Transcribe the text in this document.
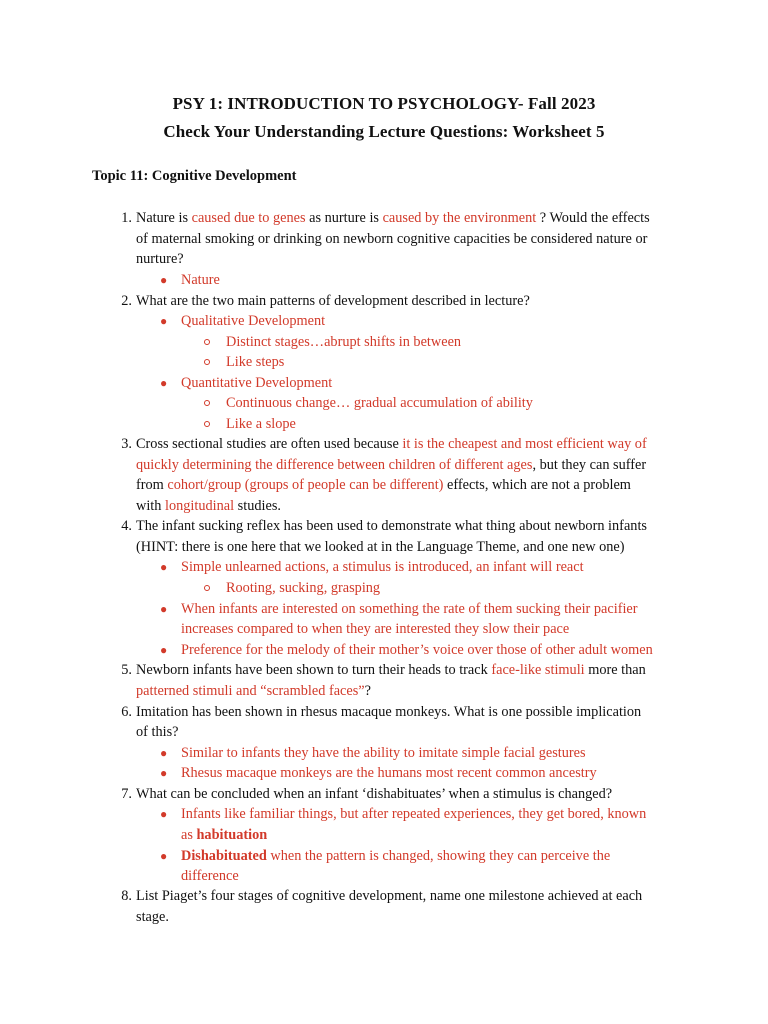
PSY 1: INTRODUCTION TO PSYCHOLOGY- Fall 2023
Check Your Understanding Lecture Questions: Worksheet 5
Topic 11: Cognitive Development
1. Nature is caused due to genes as nurture is caused by the environment ? Would the effects
of maternal smoking or drinking on newborn cognitive capacities be considered nature or
nurture?
● Nature
2. What are the two main patterns of development described in lecture?
● Qualitative Development
Distinct stages…abrupt shifts in between
Like steps
● Quantitative Development
Continuous change… gradual accumulation of ability
Like a slope
3. Cross sectional studies are often used because it is the cheapest and most efficient way of
quickly determining the difference between children of different ages, but they can suffer
from cohort/group (groups of people can be different) effects, which are not a problem
with longitudinal studies.
4. The infant sucking reflex has been used to demonstrate what thing about newborn infants
(HINT: there is one here that we looked at in the Language Theme, and one new one)
● Simple unlearned actions, a stimulus is introduced, an infant will react
Rooting, sucking, grasping
● When infants are interested on something the rate of them sucking their pacifier
increases compared to when they are interested they slow their pace
● Preference for the melody of their mother’s voice over those of other adult women
5. Newborn infants have been shown to turn their heads to track face-like stimuli more than
patterned stimuli and “scrambled faces”?
6. Imitation has been shown in rhesus macaque monkeys. What is one possible implication
of this?
● Similar to infants they have the ability to imitate simple facial gestures
● Rhesus macaque monkeys are the humans most recent common ancestry
7. What can be concluded when an infant ‘dishabituates’ when a stimulus is changed?
● Infants like familiar things, but after repeated experiences, they get bored, known
as habituation
● Dishabituated when the pattern is changed, showing they can perceive the
difference
8. List Piaget’s four stages of cognitive development, name one milestone achieved at each
stage.
